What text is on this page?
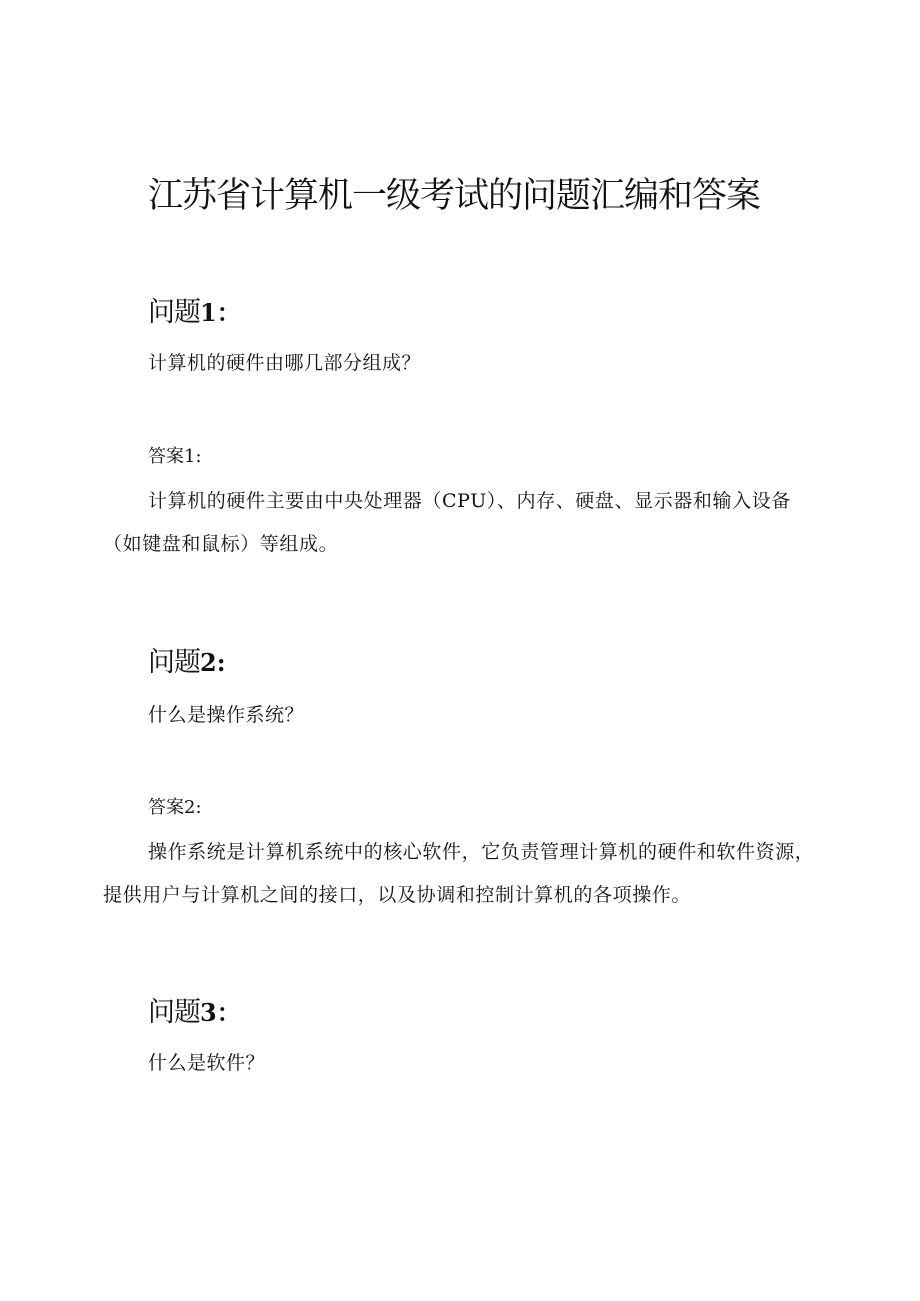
江苏省计算机一级考试的问题汇编和答案
问题1：
计算机的硬件由哪几部分组成？
答案1:
计算机的硬件主要由中央处理器（CPU）、内存、硬盘、显示器和输入设备（如键盘和鼠标）等组成。
问题2:
什么是操作系统？
答案2:
操作系统是计算机系统中的核心软件，它负责管理计算机的硬件和软件资源，提供用户与计算机之间的接口，以及协调和控制计算机的各项操作。
问题3：
什么是软件？
